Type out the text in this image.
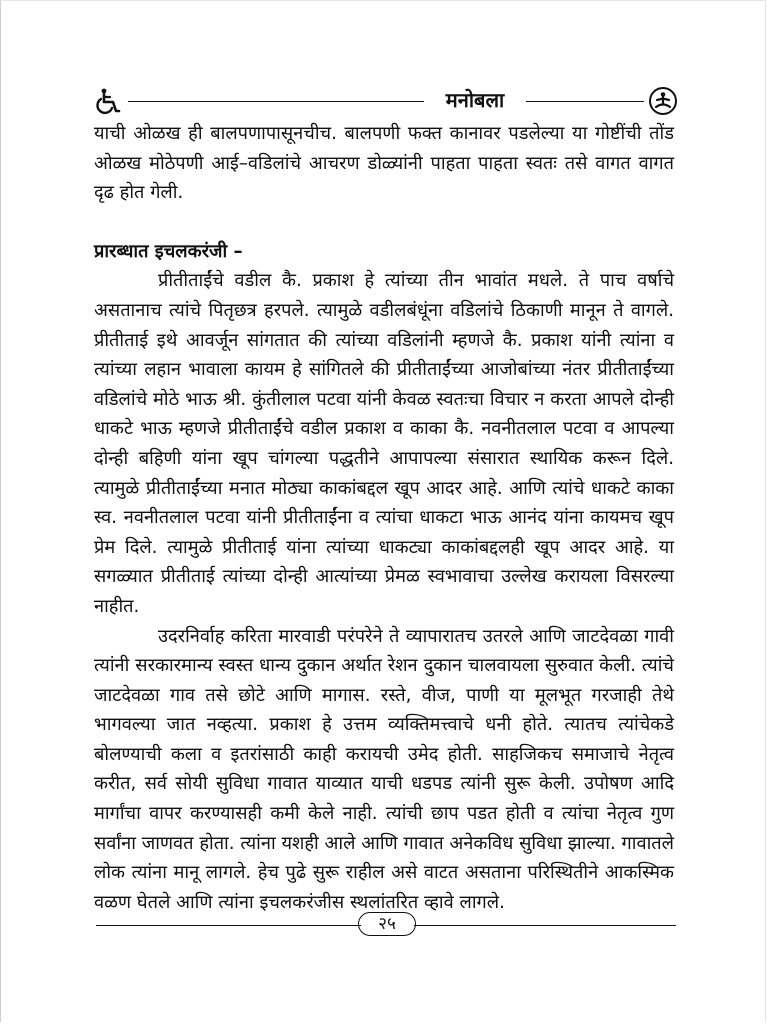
मनोबला

याची ओळख ही बालपणापासूनचीच. बालपणी फक्त कानावर पडलेल्या या गोष्टींची तोंड ओळख मोठेपणी आई–वडिलांचे आचरण डोळ्यांनी पाहता पाहता स्वतः तसे वागत वागत दृढ होत गेली.

प्रारब्धात इचलकरंजी –

प्रीतीताईंचे वडील कै. प्रकाश हे त्यांच्या तीन भावांत मधले. ते पाच वर्षाचे असतानाच त्यांचे पितृछत्र हरपले. त्यामुळे वडीलबंधूंना वडिलांचे ठिकाणी मानून ते वागले. प्रीतीताई इथे आवर्जून सांगतात की त्यांच्या वडिलांनी म्हणजे कै. प्रकाश यांनी त्यांना व त्यांच्या लहान भावाला कायम हे सांगितले की प्रीतीताईंच्या आजोबांच्या नंतर प्रीतीताईंच्या वडिलांचे मोठे भाऊ श्री. कुंतीलाल पटवा यांनी केवळ स्वतःचा विचार न करता आपले दोन्ही धाकटे भाऊ म्हणजे प्रीतीताईंचे वडील प्रकाश व काका कै. नवनीतलाल पटवा व आपल्या दोन्ही बहिणी यांना खूप चांगल्या पद्धतीने आपापल्या संसारात स्थायिक करून दिले. त्यामुळे प्रीतीताईंच्या मनात मोठ्या काकांबद्दल खूप आदर आहे. आणि त्यांचे धाकटे काका स्व. नवनीतलाल पटवा यांनी प्रीतीताईंना व त्यांचा धाकटा भाऊ आनंद यांना कायमच खूप प्रेम दिले. त्यामुळे प्रीतीताई यांना त्यांच्या धाकट्या काकांबद्दलही खूप आदर आहे. या सगळ्यात प्रीतीताई त्यांच्या दोन्ही आत्यांच्या प्रेमळ स्वभावाचा उल्लेख करायला विसरल्या नाहीत.

उदरनिर्वाह करिता मारवाडी परंपरेने ते व्यापारातच उतरले आणि जाटदेवळा गावी त्यांनी सरकारमान्य स्वस्त धान्य दुकान अर्थात रेशन दुकान चालवायला सुरुवात केली. त्यांचे जाटदेवळा गाव तसे छोटे आणि मागास. रस्ते, वीज, पाणी या मूलभूत गरजाही तेथे भागवल्या जात नव्हत्या. प्रकाश हे उत्तम व्यक्तिमत्त्वाचे धनी होते. त्यातच त्यांचेकडे बोलण्याची कला व इतरांसाठी काही करायची उमेद होती. साहजिकच समाजाचे नेतृत्व करीत, सर्व सोयी सुविधा गावात याव्यात याची धडपड त्यांनी सुरू केली. उपोषण आदि मार्गांचा वापर करण्यासही कमी केले नाही. त्यांची छाप पडत होती व त्यांचा नेतृत्व गुण सर्वांना जाणवत होता. त्यांना यशही आले आणि गावात अनेकविध सुविधा झाल्या. गावातले लोक त्यांना मानू लागले. हेच पुढे सुरू राहील असे वाटत असताना परिस्थितीने आकस्मिक वळण घेतले आणि त्यांना इचलकरंजीस स्थलांतरित व्हावे लागले.

२५
